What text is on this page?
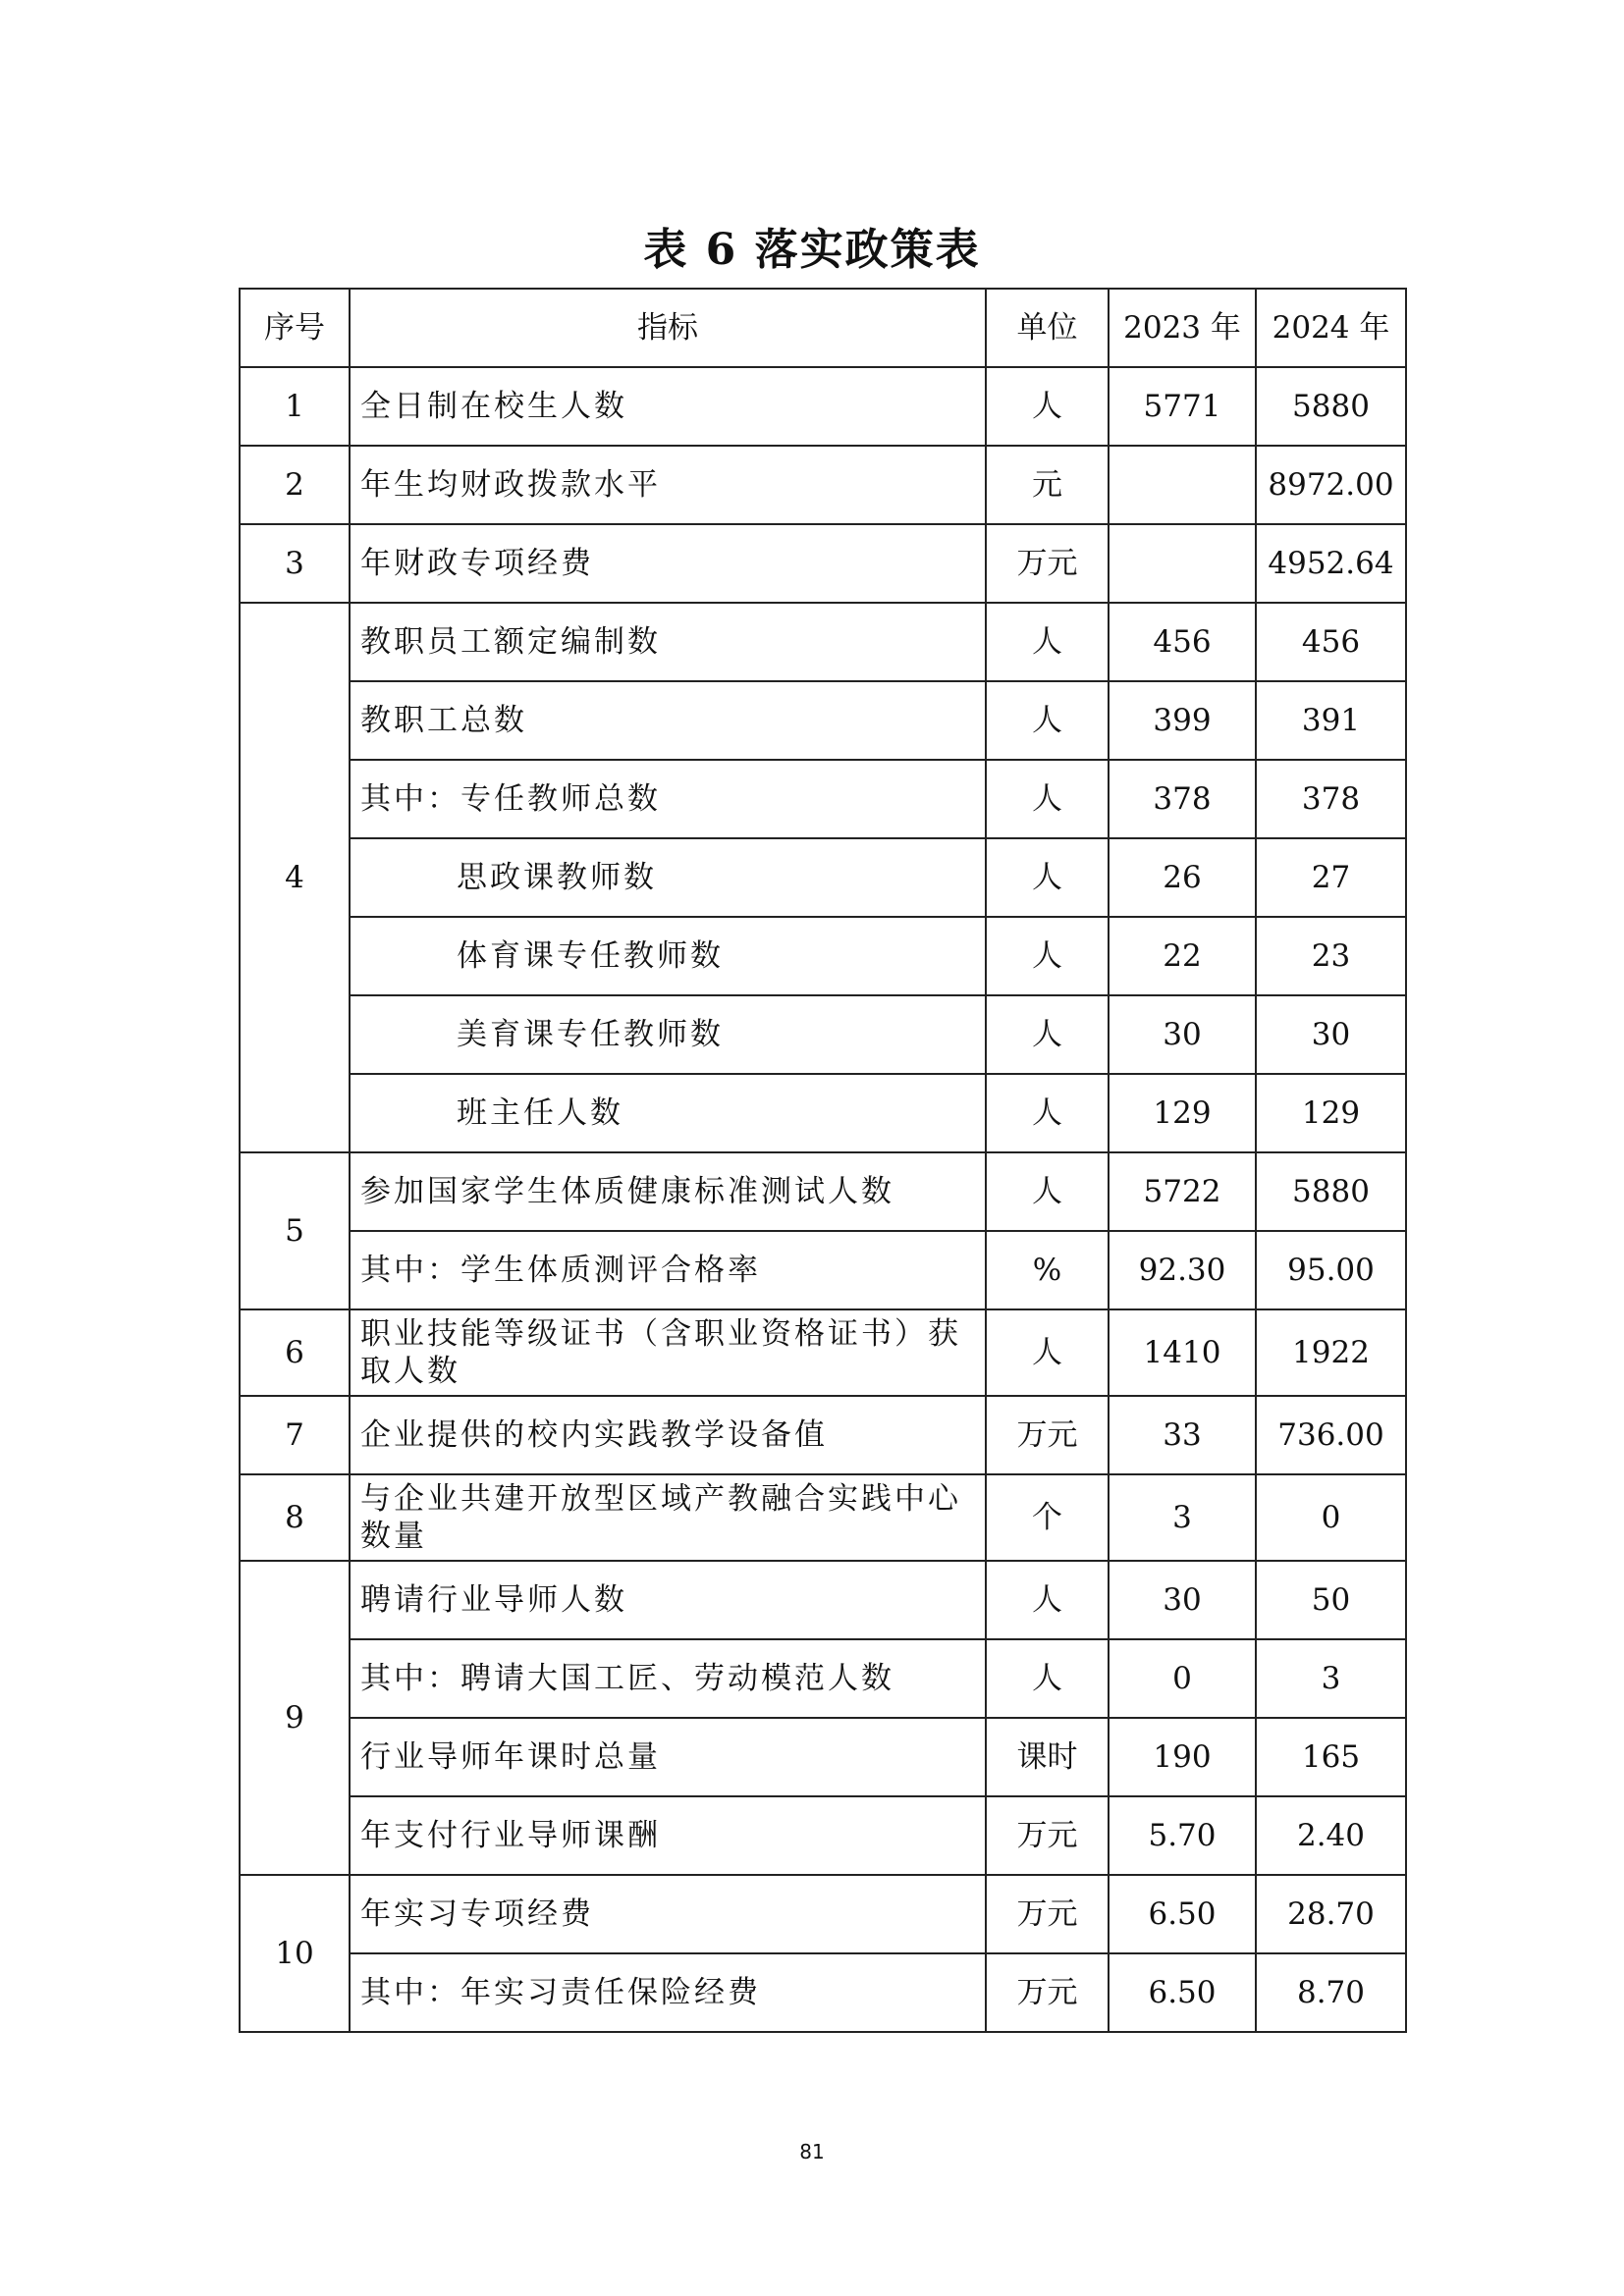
表 6 落实政策表
序号	指标	单位	2023 年	2024 年
1	全日制在校生人数	人	5771	5880
2	年生均财政拨款水平	元		8972.00
3	年财政专项经费	万元		4952.64
4	教职员工额定编制数	人	456	456
	教职工总数	人	399	391
	其中：专任教师总数	人	378	378
	思政课教师数	人	26	27
	体育课专任教师数	人	22	23
	美育课专任教师数	人	30	30
	班主任人数	人	129	129
5	参加国家学生体质健康标准测试人数	人	5722	5880
	其中：学生体质测评合格率	%	92.30	95.00
6	职业技能等级证书（含职业资格证书）获取人数	人	1410	1922
7	企业提供的校内实践教学设备值	万元	33	736.00
8	与企业共建开放型区域产教融合实践中心数量	个	3	0
9	聘请行业导师人数	人	30	50
	其中：聘请大国工匠、劳动模范人数	人	0	3
	行业导师年课时总量	课时	190	165
	年支付行业导师课酬	万元	5.70	2.40
10	年实习专项经费	万元	6.50	28.70
	其中：年实习责任保险经费	万元	6.50	8.70
81
